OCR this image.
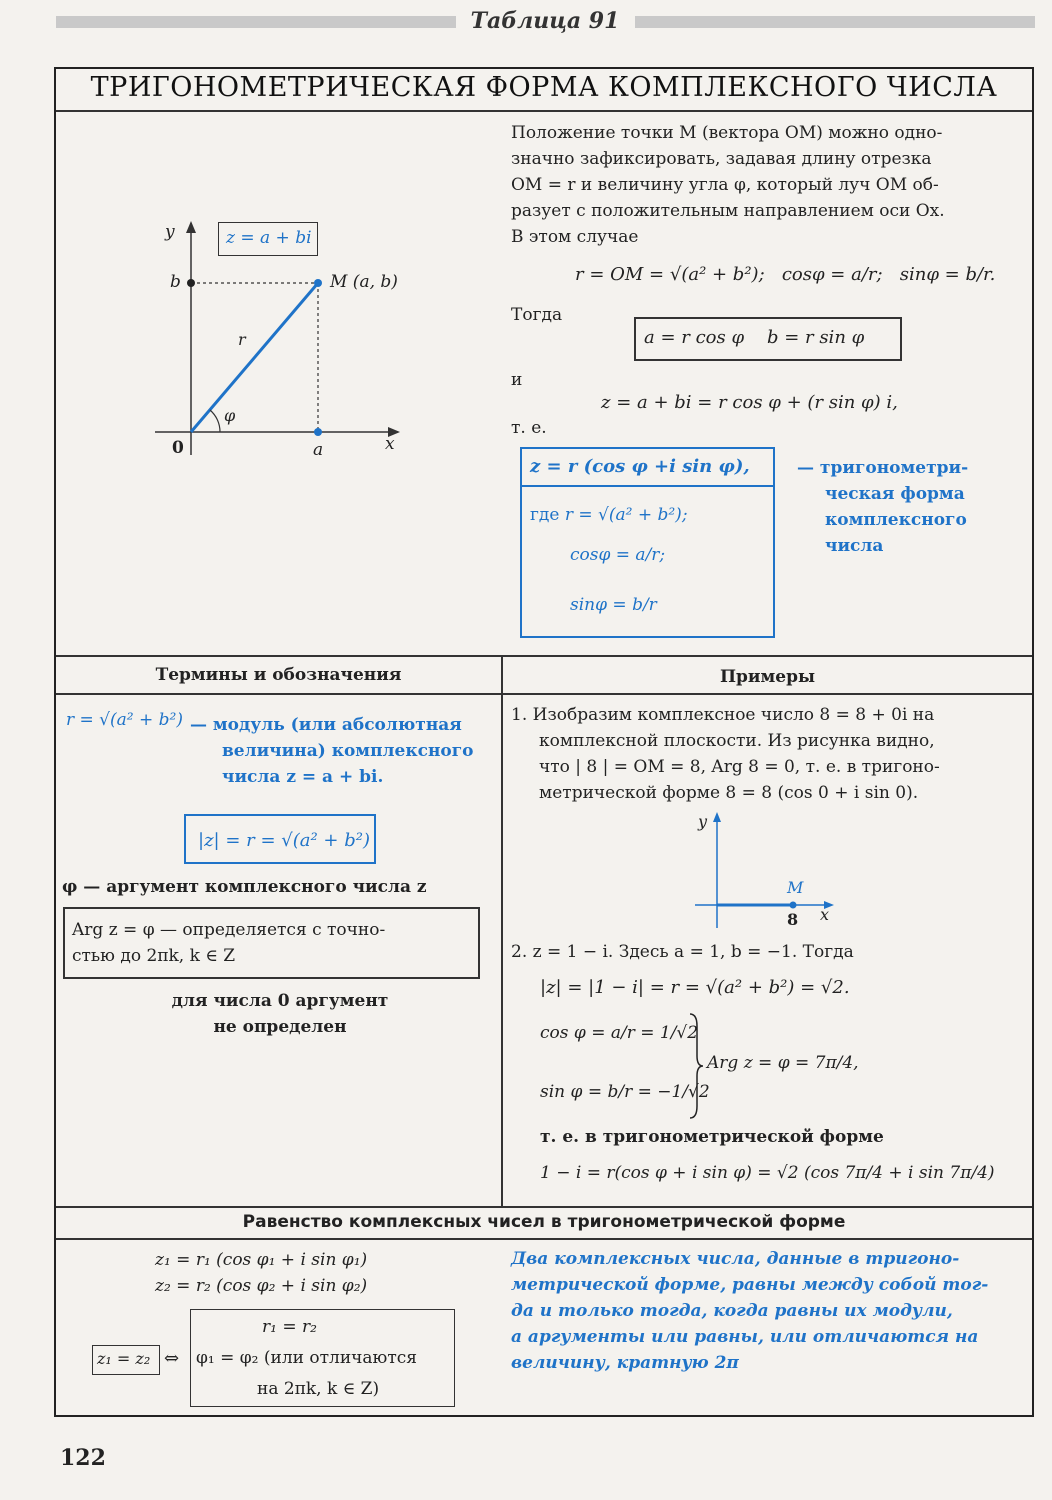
Таблица 91
ТРИГОНОМЕТРИЧЕСКАЯ ФОРМА КОМПЛЕКСНОГО ЧИСЛА
z = a + bi
y
b	M (a, b)
r
φ
0	a	x
Положение точки M (вектора OM) можно одно-
значно зафиксировать, задавая длину отрезка
OM = r и величину угла φ, который луч OM об-
разует с положительным направлением оси Ox.
В этом случае
r = OM = √(a² + b²); cosφ = a/r; sinφ = b/r.
Тогда
a = r cos φ    b = r sin φ
и
z = a + bi = r cos φ + (r sin φ) i,
т. е.
z = r (cos φ +i sin φ),
где r = √(a² + b²);
cosφ = a/r;
sinφ = b/r
— тригонометри-
ческая форма
комплексного
числа
Термины и обозначения	Примеры
r = √(a² + b²) — модуль (или абсолютная
величина) комплексного
числа z = a + bi.
|z| = r = √(a² + b²)
φ — аргумент комплексного числа z
Arg z = φ — определяется с точно-
стью до 2πk, k ∈ Z
для числа 0 аргумент
не определен
1. Изобразим комплексное число 8 = 8 + 0i на
комплексной плоскости. Из рисунка видно,
что | 8 | = OM = 8, Arg 8 = 0, т. е. в тригоно-
метрической форме 8 = 8 (cos 0 + i sin 0).
y
M
8 x
2. z = 1 − i. Здесь a = 1, b = −1. Тогда
|z| = |1 − i| = r = √(a² + b²) = √2.
cos φ = a/r = 1/√2
sin φ = b/r = −1/√2
Arg z = φ = 7π/4,
т. е. в тригонометрической форме
1 − i = r(cos φ + i sin φ) = √2 (cos 7π/4 + i sin 7π/4)
Равенство комплексных чисел в тригонометрической форме
z₁ = r₁ (cos φ₁ + i sin φ₁)
z₂ = r₂ (cos φ₂ + i sin φ₂)
z₁ = z₂ ⇔
r₁ = r₂
φ₁ = φ₂ (или отличаются
на 2πk, k ∈ Z)
Два комплексных числа, данные в тригоно-
метрической форме, равны между собой тог-
да и только тогда, когда равны их модули,
а аргументы или равны, или отличаются на
величину, кратную 2π
122
